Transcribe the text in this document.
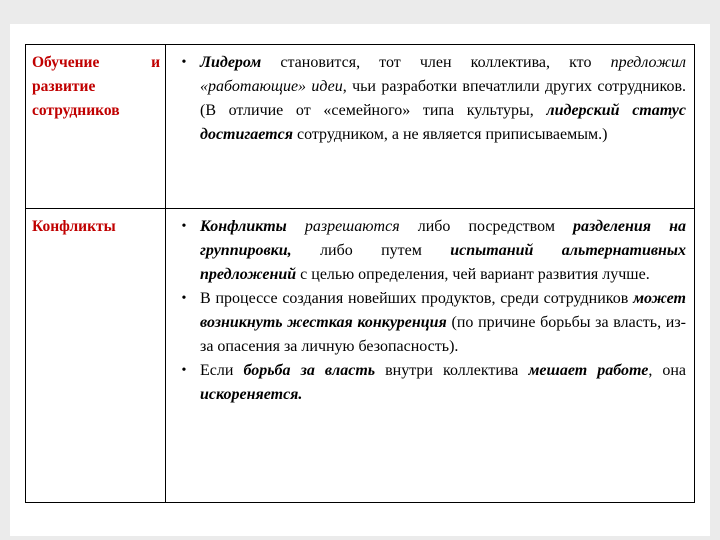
Обучение и
развитие
сотрудников
• Лидером становится, тот член коллектива, кто предложил «работающие» идеи, чьи разработки впечатлили других сотрудников. (В отличие от «семейного» типа культуры, лидерский статус достигается сотрудником, а не является приписываемым.)
Конфликты	• Конфликты разрешаются либо посредством разделения на группировки, либо путем испытаний альтернативных предложений с целью определения, чей вариант развития лучше.
• В процессе создания новейших продуктов, среди сотрудников может возникнуть жесткая конкуренция (по причине борьбы за власть, из-за опасения за личную безопасность).
• Если борьба за власть внутри коллектива мешает работе, она искореняется.
